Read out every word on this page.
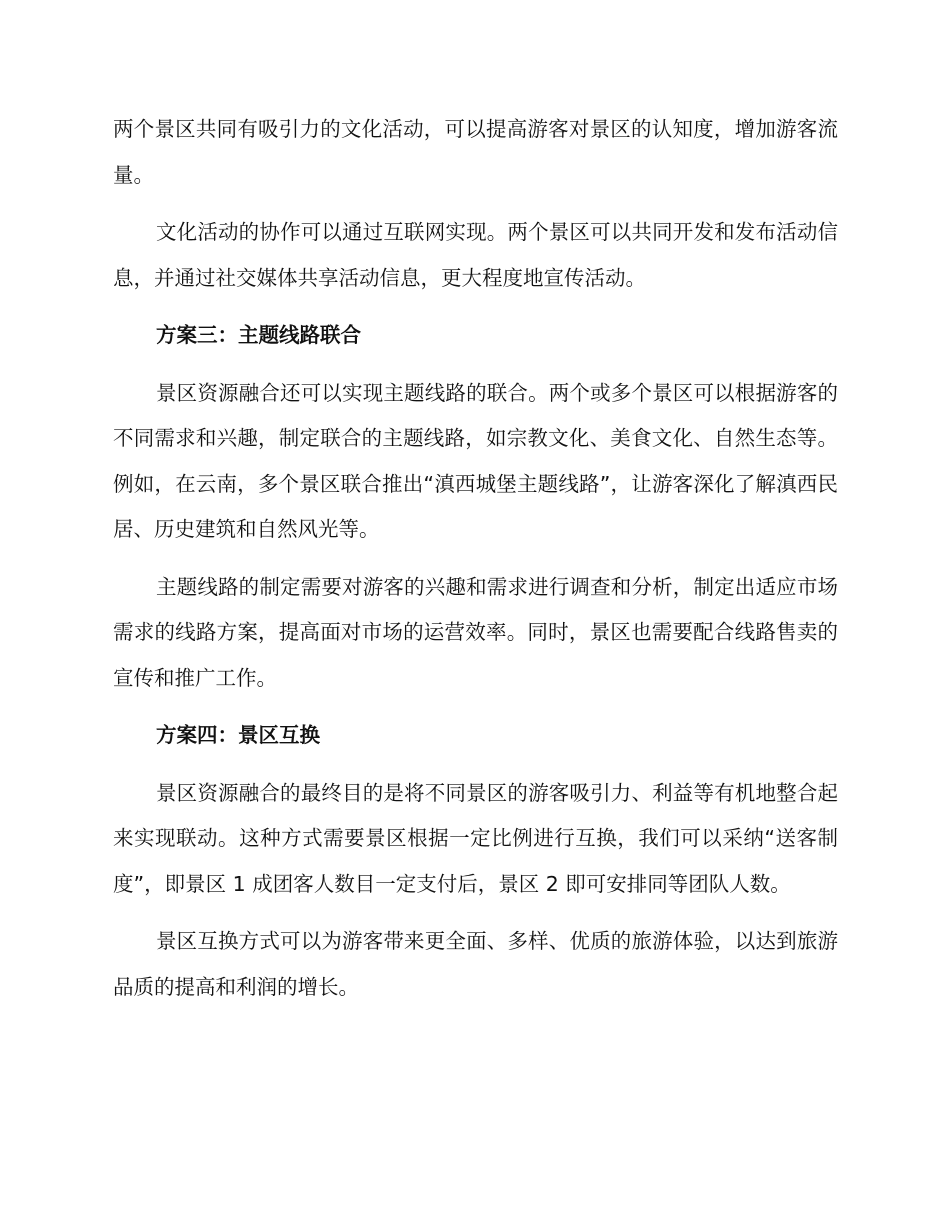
两个景区共同有吸引力的文化活动，可以提高游客对景区的认知度，增加游客流量。

文化活动的协作可以通过互联网实现。两个景区可以共同开发和发布活动信息，并通过社交媒体共享活动信息，更大程度地宣传活动。

方案三：主题线路联合

景区资源融合还可以实现主题线路的联合。两个或多个景区可以根据游客的不同需求和兴趣，制定联合的主题线路，如宗教文化、美食文化、自然生态等。例如，在云南，多个景区联合推出“滇西城堡主题线路”，让游客深化了解滇西民居、历史建筑和自然风光等。

主题线路的制定需要对游客的兴趣和需求进行调查和分析，制定出适应市场需求的线路方案，提高面对市场的运营效率。同时，景区也需要配合线路售卖的宣传和推广工作。

方案四：景区互换

景区资源融合的最终目的是将不同景区的游客吸引力、利益等有机地整合起来实现联动。这种方式需要景区根据一定比例进行互换，我们可以采纳“送客制度”，即景区 1 成团客人数目一定支付后，景区 2 即可安排同等团队人数。

景区互换方式可以为游客带来更全面、多样、优质的旅游体验，以达到旅游品质的提高和利润的增长。
